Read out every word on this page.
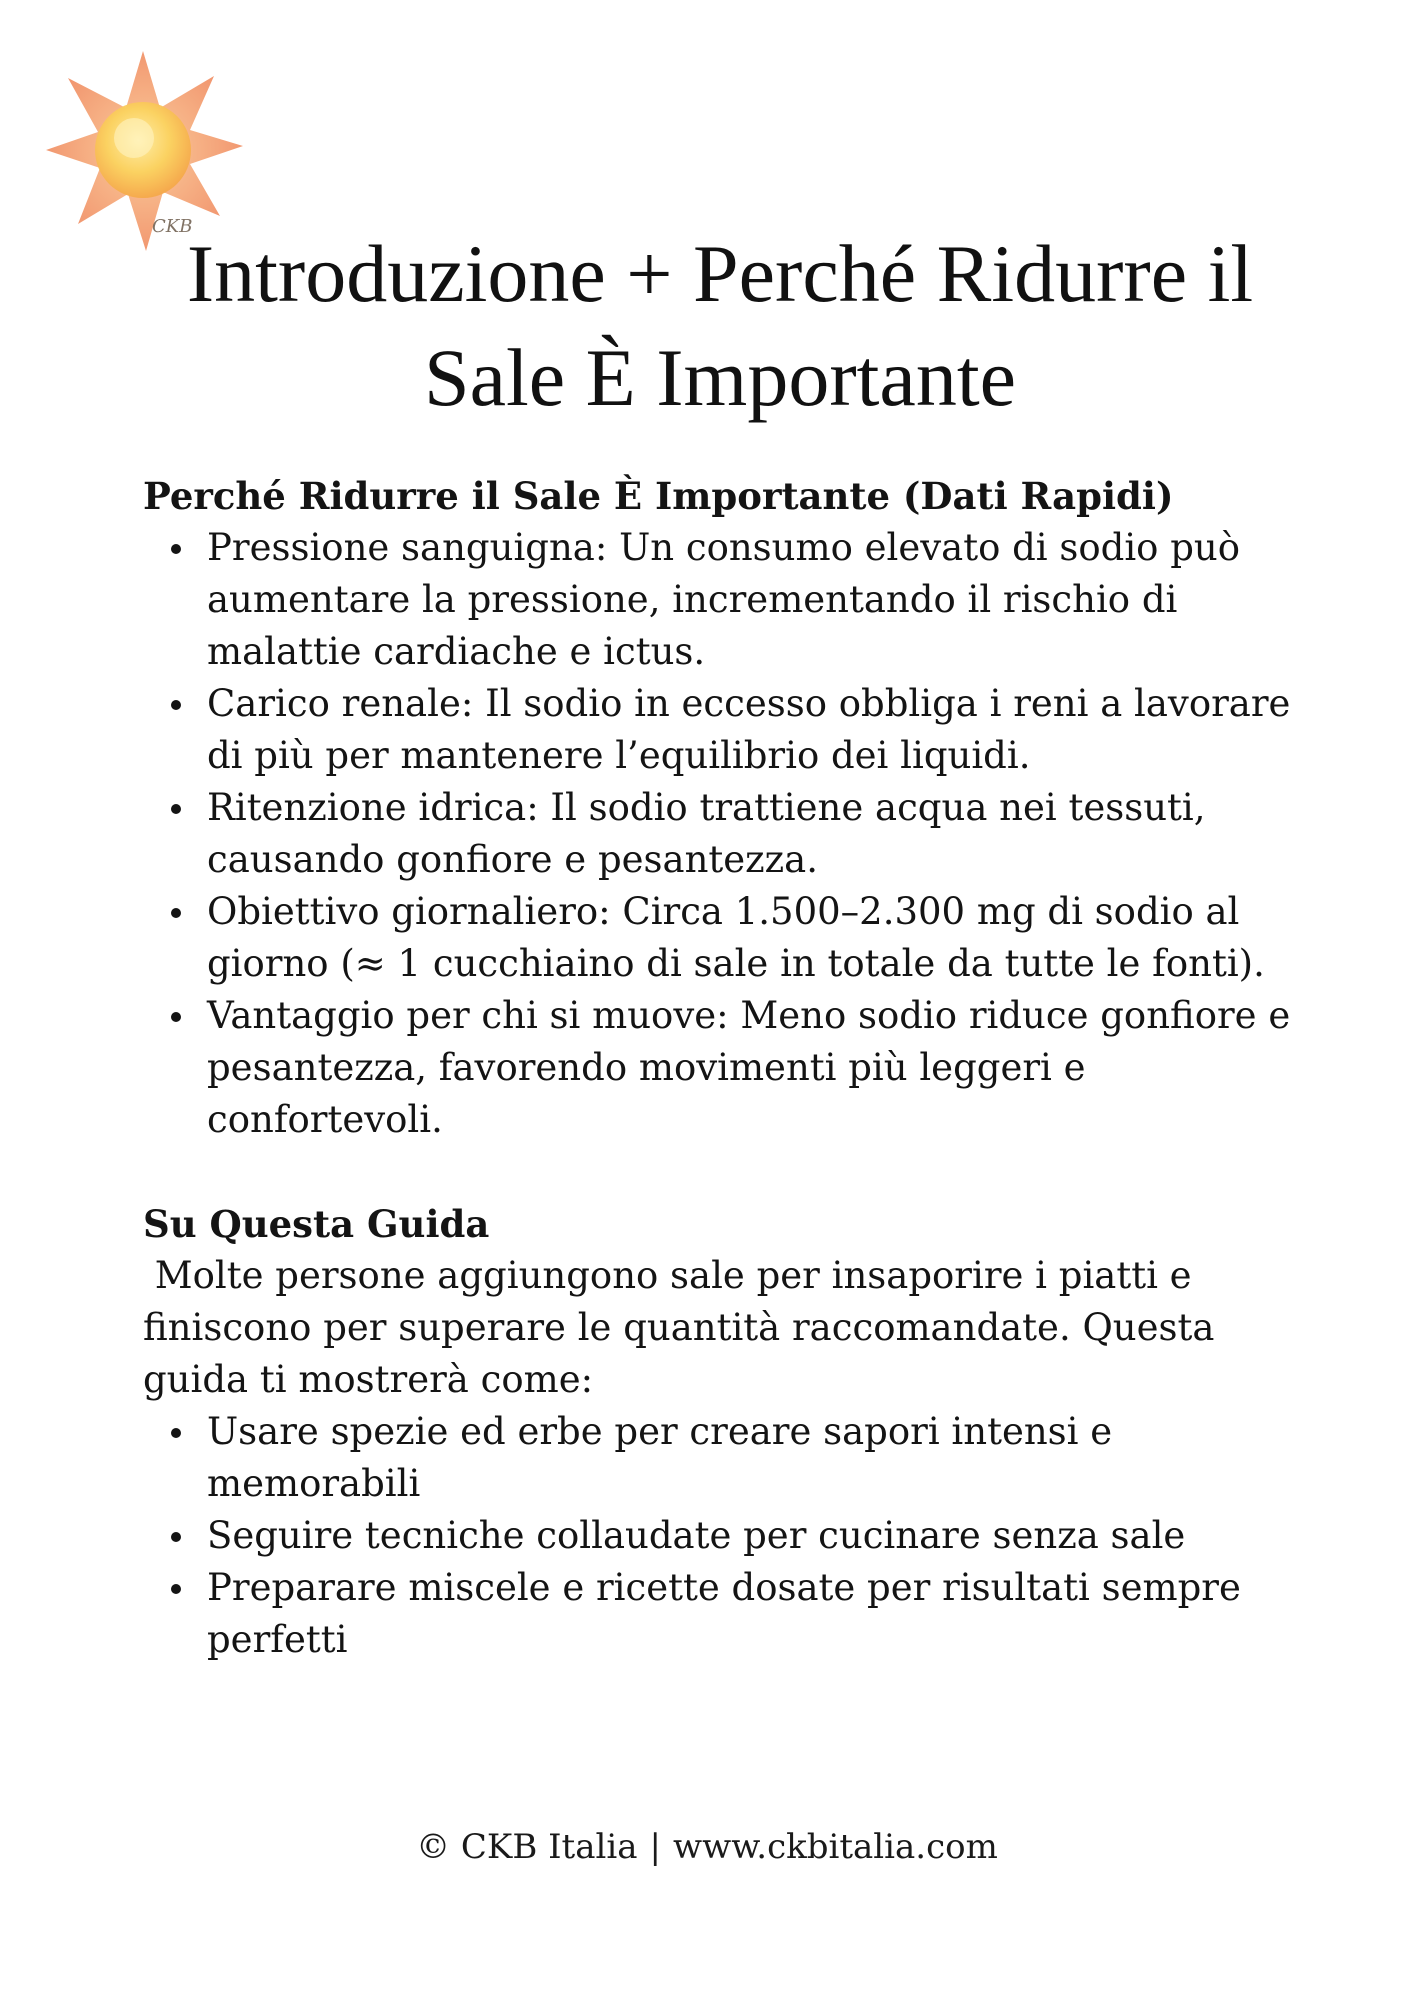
CKB
Introduzione + Perché Ridurre il Sale È Importante
Perché Ridurre il Sale È Importante (Dati Rapidi)
Pressione sanguigna: Un consumo elevato di sodio può aumentare la pressione, incrementando il rischio di malattie cardiache e ictus.
Carico renale: Il sodio in eccesso obbliga i reni a lavorare di più per mantenere l’equilibrio dei liquidi.
Ritenzione idrica: Il sodio trattiene acqua nei tessuti, causando gonfiore e pesantezza.
Obiettivo giornaliero: Circa 1.500–2.300 mg di sodio al giorno (≈ 1 cucchiaino di sale in totale da tutte le fonti).
Vantaggio per chi si muove: Meno sodio riduce gonfiore e pesantezza, favorendo movimenti più leggeri e confortevoli.
Su Questa Guida

Molte persone aggiungono sale per insaporire i piatti e finiscono per superare le quantità raccomandate. Questa guida ti mostrerà come:

Usare spezie ed erbe per creare sapori intensi e memorabili
Seguire tecniche collaudate per cucinare senza sale
Preparare miscele e ricette dosate per risultati sempre perfetti
© CKB Italia | www.ckbitalia.com
